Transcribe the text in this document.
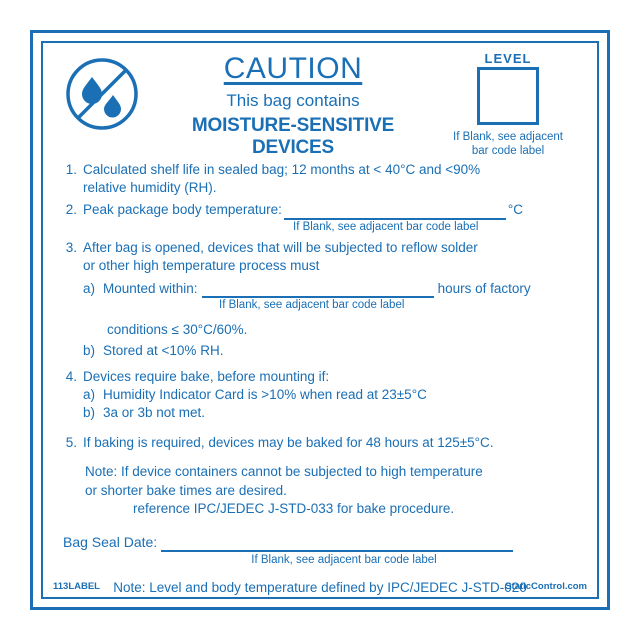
CAUTION
This bag contains
MOISTURE-SENSITIVE DEVICES
LEVEL
If Blank, see adjacent
bar code label
1. Calculated shelf life in sealed bag; 12 months at < 40°C and <90%
relative humidity (RH).
2. Peak package body temperature:	°C
If Blank, see adjacent bar code label
3. After bag is opened, devices that will be subjected to reflow solder
or other high temperature process must
a) Mounted within:	hours of factory
If Blank, see adjacent bar code label
conditions ≤ 30°C/60%.
b) Stored at <10% RH.
4. Devices require bake, before mounting if:
a) Humidity Indicator Card is >10% when read at 23±5°C
b) 3a or 3b not met.
5. If baking is required, devices may be baked for 48 hours at 125±5°C.
Note: If device containers cannot be subjected to high temperature
or shorter bake times are desired.
reference IPC/JEDEC J-STD-033 for bake procedure.
Bag Seal Date:
If Blank, see adjacent bar code label
Note: Level and body temperature defined by IPC/JEDEC J-STD-020
113LABEL	StaticControl.com
